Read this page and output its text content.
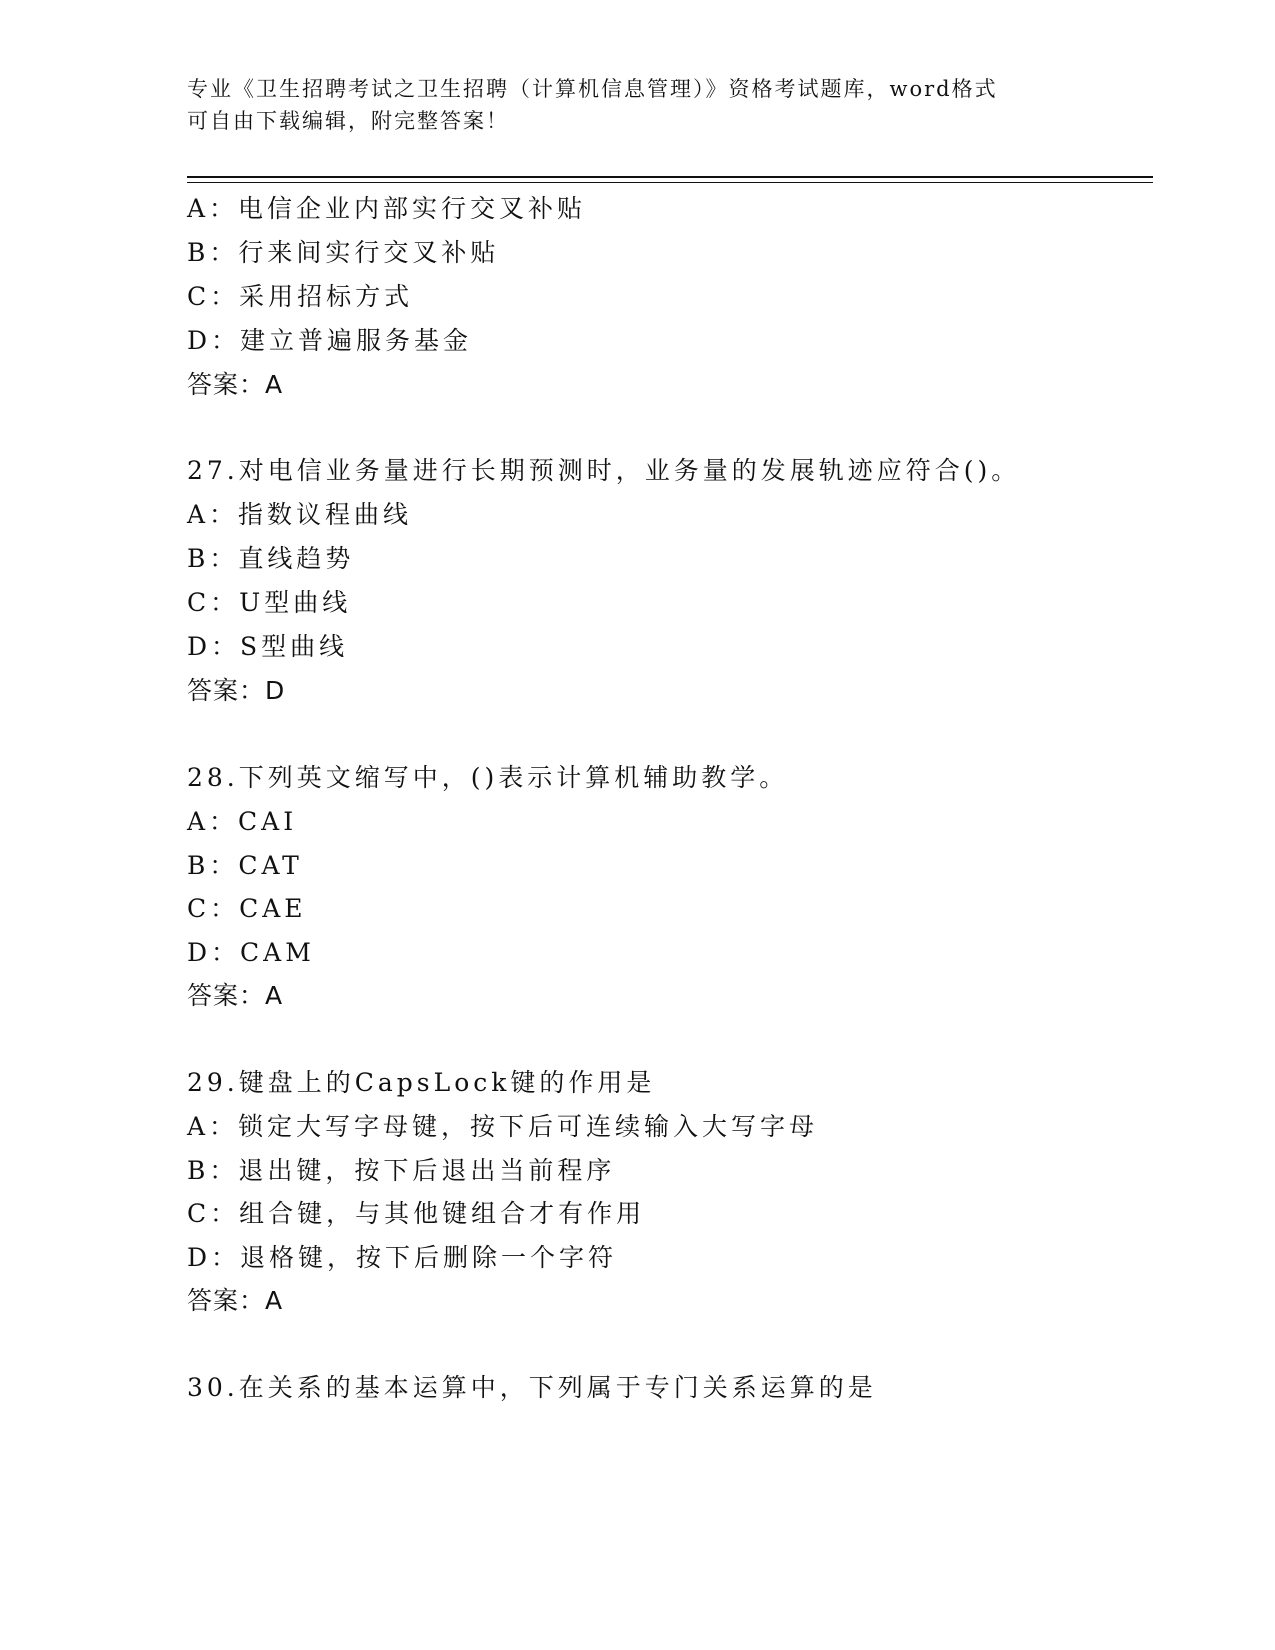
专业《卫生招聘考试之卫生招聘（计算机信息管理）》资格考试题库，word格式
可自由下载编辑，附完整答案！
A：电信企业内部实行交叉补贴
B：行来间实行交叉补贴
C：采用招标方式
D：建立普遍服务基金
答案：A
27.对电信业务量进行长期预测时，业务量的发展轨迹应符合()。
A：指数议程曲线
B：直线趋势
C：U型曲线
D：S型曲线
答案：D
28.下列英文缩写中，()表示计算机辅助教学。
A：CAI
B：CAT
C：CAE
D：CAM
答案：A
29.键盘上的CapsLock键的作用是
A：锁定大写字母键，按下后可连续输入大写字母
B：退出键，按下后退出当前程序
C：组合键，与其他键组合才有作用
D：退格键，按下后删除一个字符
答案：A
30.在关系的基本运算中，下列属于专门关系运算的是
